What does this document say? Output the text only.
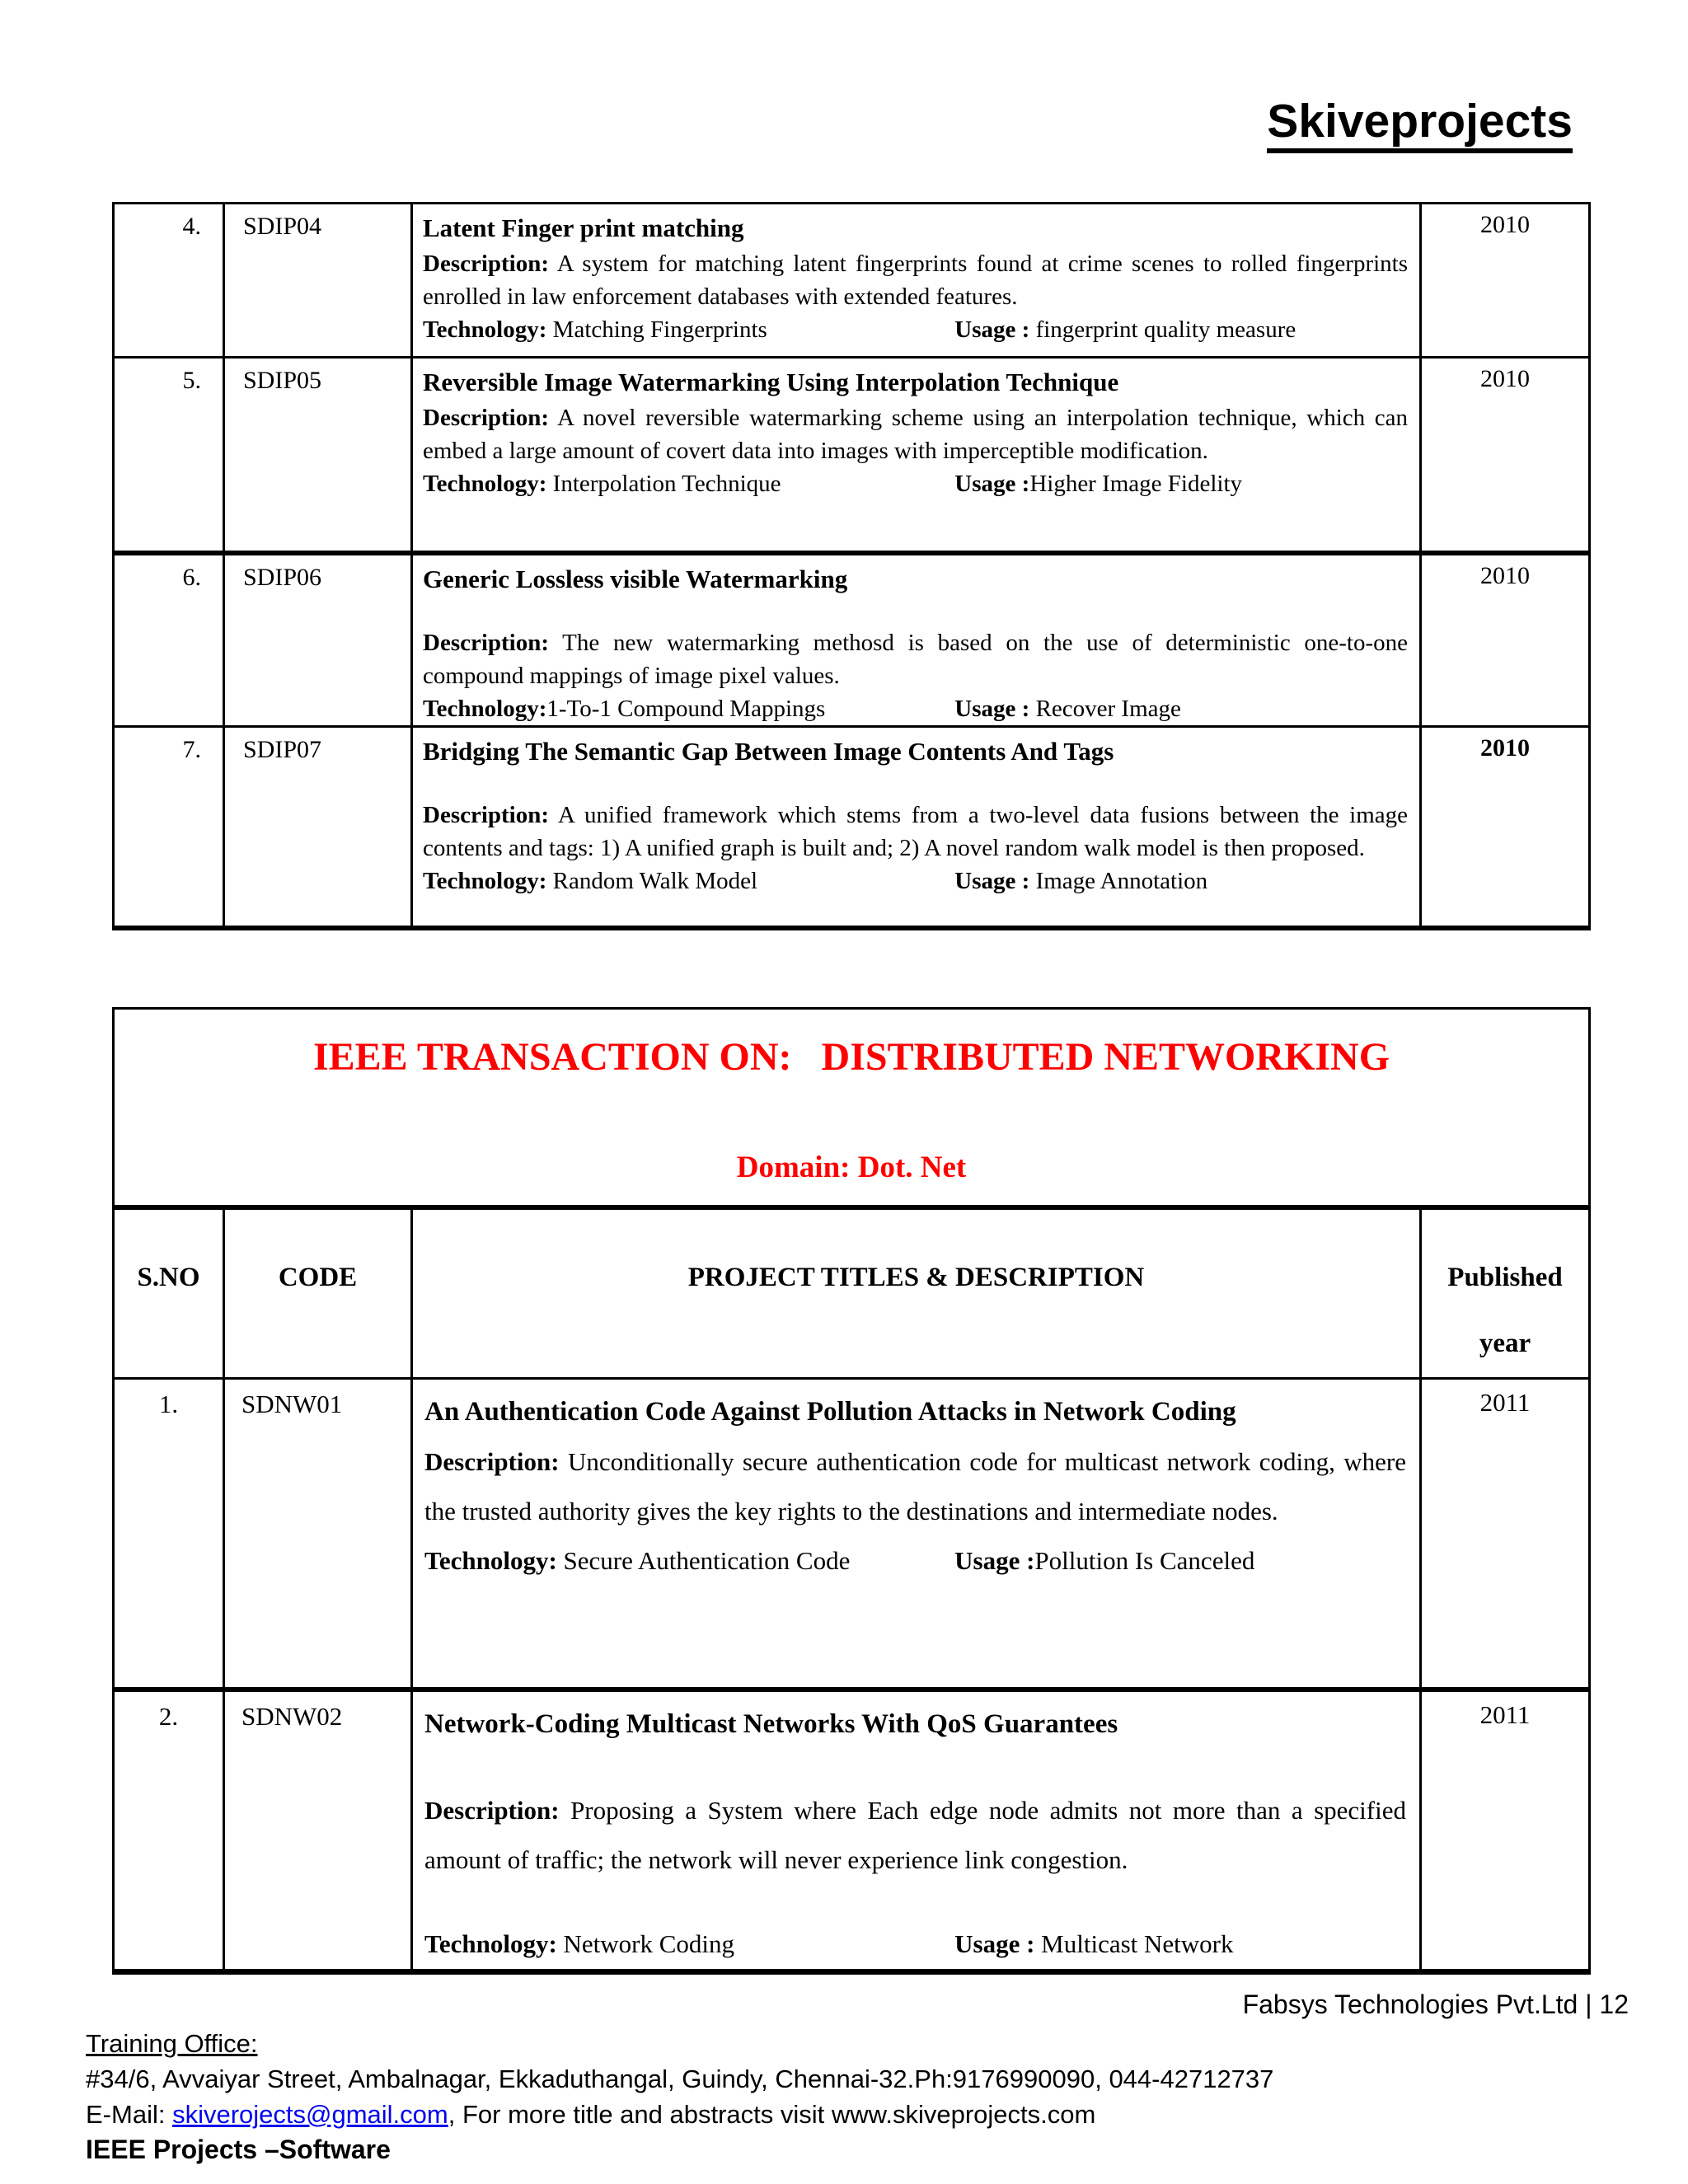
Skiveprojects
4.	SDIP04	Latent Finger print matching
Description: A system for matching latent fingerprints found at crime scenes to rolled fingerprints enrolled in law enforcement databases with extended features.
Technology: Matching Fingerprints Usage : fingerprint quality measure	2010
5.	SDIP05	Reversible Image Watermarking Using Interpolation Technique
Description: A novel reversible watermarking scheme using an interpolation technique, which can embed a large amount of covert data into images with imperceptible modification.
Technology: Interpolation Technique Usage :Higher Image Fidelity	2010
6.	SDIP06	Generic Lossless visible Watermarking
Description: The new watermarking methosd is based on the use of deterministic one-to-one compound mappings of image pixel values.
Technology:1-To-1 Compound Mappings Usage : Recover Image	2010
7.	SDIP07	Bridging The Semantic Gap Between Image Contents And Tags
Description: A unified framework which stems from a two-level data fusions between the image contents and tags: 1) A unified graph is built and; 2) A novel random walk model is then proposed.
Technology: Random Walk Model Usage : Image Annotation	2010
IEEE TRANSACTION ON:   DISTRIBUTED NETWORKING
Domain: Dot. Net			

S.NO	CODE	PROJECT TITLES & DESCRIPTION	Published
year

1.	SDNW01	An Authentication Code Against Pollution Attacks in Network Coding
Description: Unconditionally secure authentication code for multicast network coding, where the trusted authority gives the key rights to the destinations and intermediate nodes.
Technology: Secure Authentication Code Usage :Pollution Is Canceled	2011
2.	SDNW02	Network-Coding Multicast Networks With QoS Guarantees
Description: Proposing a System where Each edge node admits not more than a specified amount of traffic; the network will never experience link congestion.
Technology: Network Coding Usage : Multicast Network	2011
Fabsys Technologies Pvt.Ltd | 12
Training Office:
#34/6, Avvaiyar Street, Ambalnagar, Ekkaduthangal, Guindy, Chennai-32.Ph:9176990090, 044-42712737
E-Mail: skiverojects@gmail.com, For more title and abstracts visit www.skiveprojects.com
IEEE Projects –Software
